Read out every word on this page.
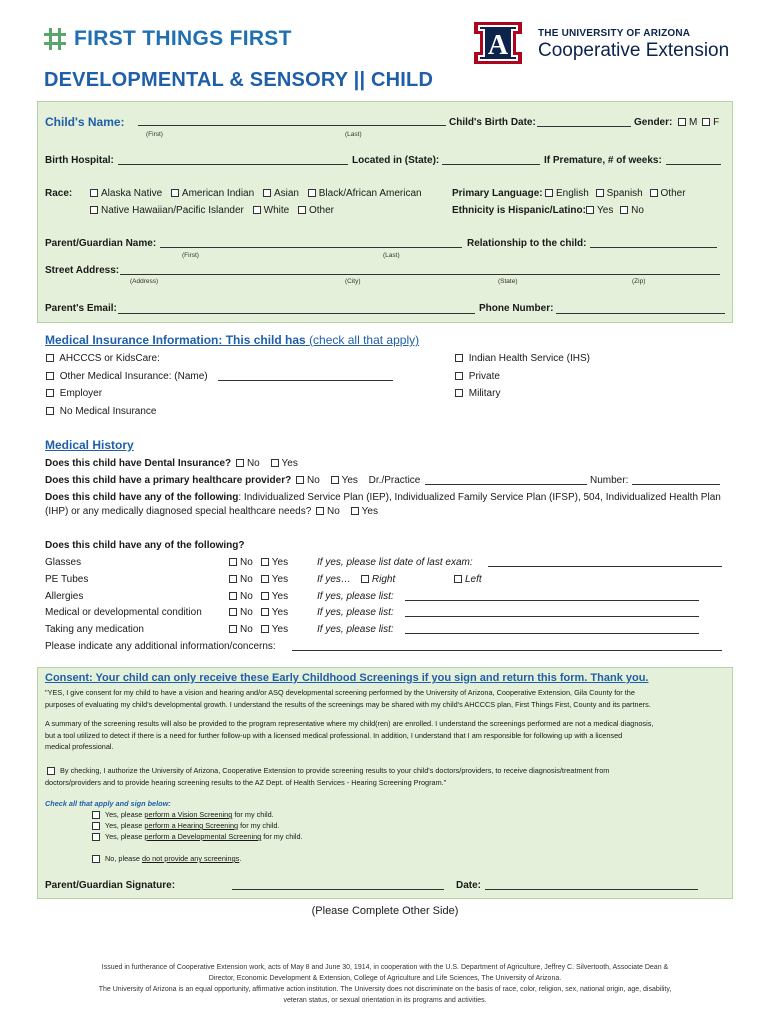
FIRST THINGS FIRST	A	THE UNIVERSITY OF ARIZONA
Cooperative Extension
DEVELOPMENTAL & SENSORY || CHILD
Child's Name:
(First)	(Last)
Child's Birth Date:	Gender:	M F
Birth Hospital:	Located in (State):	If Premature, # of weeks:
Race:	Alaska Native American Indian Asian Black/African American
Native Hawaiian/Pacific Islander White Other
Primary Language:	English Spanish Other
Ethnicity is Hispanic/Latino:	Yes No
Parent/Guardian Name:
(First)	(Last)
Relationship to the child:
Street Address:
(Address)	(City)	(State)	(Zip)
Parent's Email:	Phone Number:
Medical Insurance Information: This child has (check all that apply)
AHCCCS or KidsCare:
Other Medical Insurance: (Name)
Employer
No Medical Insurance
Indian Health Service (IHS)
Private
Military
Medical History
Does this child have Dental Insurance? No Yes
Does this child have a primary healthcare provider? No Yes Dr./Practice	Number:
Does this child have any of the following: Individualized Service Plan (IEP), Individualized Family Service Plan (IFSP), 504, Individualized Health Plan
(IHP) or any medically diagnosed special healthcare needs? No Yes
Does this child have any of the following?
Glasses	No Yes	If yes, please list date of last exam:
PE Tubes	No Yes	If yes… Right	Left
Allergies	No Yes	If yes, please list:
Medical or developmental condition	No Yes	If yes, please list:
Taking any medication	No Yes	If yes, please list:
Please indicate any additional information/concerns:
Consent: Your child can only receive these Early Childhood Screenings if you sign and return this form. Thank you.
"YES, I give consent for my child to have a vision and hearing and/or ASQ developmental screening performed by the University of Arizona, Cooperative Extension, Gila County for the
purposes of evaluating my child's developmental growth. I understand the results of the screenings may be shared with my child's AHCCCS plan, First Things First, County and its partners.
A summary of the screening results will also be provided to the program representative where my child(ren) are enrolled. I understand the screenings performed are not a medical diagnosis,
but a tool utilized to detect if there is a need for further follow-up with a licensed medical professional. In addition, I understand that I am responsible for following up with a licensed
medical professional.
By checking, I authorize the University of Arizona, Cooperative Extension to provide screening results to your child's doctors/providers, to receive diagnosis/treatment from
doctors/providers and to provide hearing screening results to the AZ Dept. of Health Services - Hearing Screening Program."
Check all that apply and sign below:
Yes, please perform a Vision Screening for my child.
Yes, please perform a Hearing Screening for my child.
Yes, please perform a Developmental Screening for my child.
No, please do not provide any screenings.
Parent/Guardian Signature:	Date:
(Please Complete Other Side)
Issued in furtherance of Cooperative Extension work, acts of May 8 and June 30, 1914, in cooperation with the U.S. Department of Agriculture, Jeffrey C. Silvertooth, Associate Dean &
Director, Economic Development & Extension, College of Agriculture and Life Sciences, The University of Arizona.
The University of Arizona is an equal opportunity, affirmative action institution. The University does not discriminate on the basis of race, color, religion, sex, national origin, age, disability,
veteran status, or sexual orientation in its programs and activities.
